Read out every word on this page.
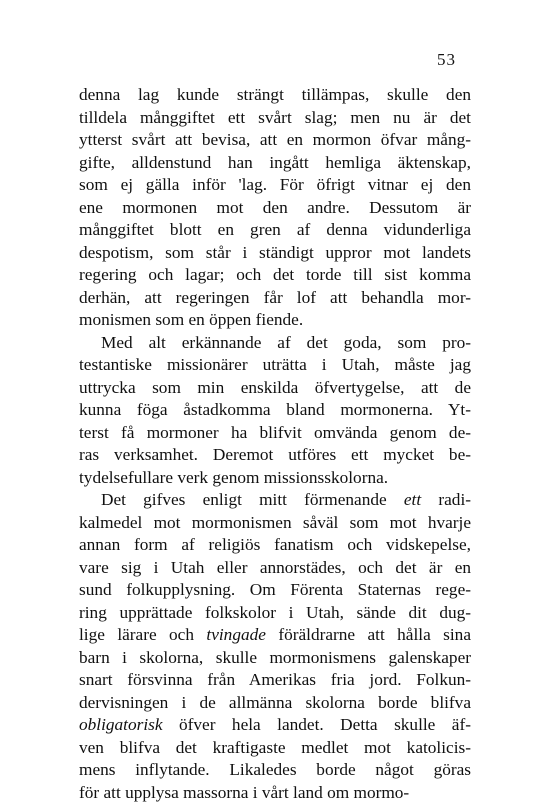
53
denna lag kunde strängt tillämpas, skulle den
tilldela månggiftet ett svårt slag; men nu är det
ytterst svårt att bevisa, att en mormon öfvar mång-
gifte, alldenstund han ingått hemliga äktenskap,
som ej gälla inför 'lag. För öfrigt vitnar ej den
ene mormonen mot den andre. Dessutom är
månggiftet blott en gren af denna vidunderliga
despotism, som står i ständigt uppror mot landets
regering och lagar; och det torde till sist komma
derhän, att regeringen får lof att behandla mor-
monismen som en öppen fiende.
Med alt erkännande af det goda, som pro-
testantiske missionärer uträtta i Utah, måste jag
uttrycka som min enskilda öfvertygelse, att de
kunna föga åstadkomma bland mormonerna. Yt-
terst få mormoner ha blifvit omvända genom de-
ras verksamhet. Deremot utföres ett mycket be-
tydelsefullare verk genom missionsskolorna.
Det gifves enligt mitt förmenande ett radi-
kalmedel mot mormonismen såväl som mot hvarje
annan form af religiös fanatism och vidskepelse,
vare sig i Utah eller annorstädes, och det är en
sund folkupplysning. Om Förenta Staternas rege-
ring upprättade folkskolor i Utah, sände dit dug-
lige lärare och tvingade föräldrarne att hålla sina
barn i skolorna, skulle mormonismens galenskaper
snart försvinna från Amerikas fria jord. Folkun-
dervisningen i de allmänna skolorna borde blifva
obligatorisk öfver hela landet. Detta skulle äf-
ven blifva det kraftigaste medlet mot katolicis-
mens inflytande. Likaledes borde något göras
för att upplysa massorna i vårt land om mormo-
